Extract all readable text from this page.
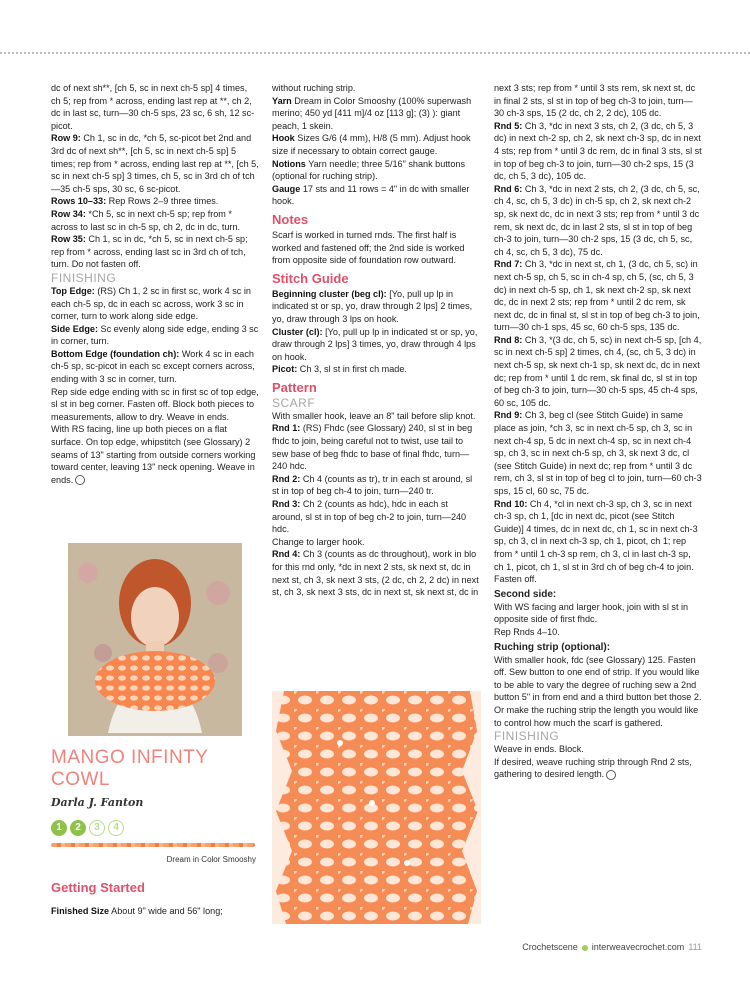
dc of next sh**, [ch 5, sc in next ch-5 sp] 4 times, ch 5; rep from * across, ending last rep at **, ch 2, dc in last sc, turn—30 ch-5 sps, 23 sc, 6 sh, 12 sc-picot.

Row 9: Ch 1, sc in dc, *ch 5, sc-picot bet 2nd and 3rd dc of next sh**, [ch 5, sc in next ch-5 sp] 5 times; rep from * across, ending last rep at **, [ch 5, sc in next ch-5 sp] 3 times, ch 5, sc in 3rd ch of tch—35 ch-5 sps, 30 sc, 6 sc-picot.

Rows 10–33: Rep Rows 2–9 three times.

Row 34: *Ch 5, sc in next ch-5 sp; rep from * across to last sc in ch-5 sp, ch 2, dc in dc, turn.

Row 35: Ch 1, sc in dc, *ch 5, sc in next ch-5 sp; rep from * across, ending last sc in 3rd ch of tch, turn. Do not fasten off.

FINISHING

Top Edge: (RS) Ch 1, 2 sc in first sc, work 4 sc in each ch-5 sp, dc in each sc across, work 3 sc in corner, turn to work along side edge.

Side Edge: Sc evenly along side edge, ending 3 sc in corner, turn.

Bottom Edge (foundation ch): Work 4 sc in each ch-5 sp, sc-picot in each sc except corners across, ending with 3 sc in corner, turn.

Rep side edge ending with sc in first sc of top edge, sl st in beg corner. Fasten off. Block both pieces to measurements, allow to dry. Weave in ends.

With RS facing, line up both pieces on a flat surface. On top edge, whipstitch (see Glossary) 2 seams of 13" starting from outside corners working toward center, leaving 13" neck opening. Weave in ends.

MANGO INFINTY
COWL
Darla J. Fanton
1 2 3 4
Dream in Color Smooshy
Getting Started

Finished Size About 9" wide and 56" long;

without ruching strip.

Yarn Dream in Color Smooshy (100% superwash merino; 450 yd [411 m]/4 oz [113 g]; (3) ): giant peach, 1 skein.

Hook Sizes G/6 (4 mm), H/8 (5 mm). Adjust hook size if necessary to obtain correct gauge.

Notions Yarn needle; three 5/16" shank buttons (optional for ruching strip).

Gauge 17 sts and 11 rows = 4" in dc with smaller hook.

Notes

Scarf is worked in turned rnds. The first half is worked and fastened off; the 2nd side is worked from opposite side of foundation row outward.

Stitch Guide

Beginning cluster (beg cl): [Yo, pull up lp in indicated st or sp, yo, draw through 2 lps] 2 times, yo, draw through 3 lps on hook.

Cluster (cl): [Yo, pull up lp in indicated st or sp, yo, draw through 2 lps] 3 times, yo, draw through 4 lps on hook.

Picot: Ch 3, sl st in first ch made.

Pattern
SCARF

With smaller hook, leave an 8" tail before slip knot.

Rnd 1: (RS) Fhdc (see Glossary) 240, sl st in beg fhdc to join, being careful not to twist, use tail to sew base of beg fhdc to base of final fhdc, turn—240 hdc.

Rnd 2: Ch 4 (counts as tr), tr in each st around, sl st in top of beg ch-4 to join, turn—240 tr.

Rnd 3: Ch 2 (counts as hdc), hdc in each st around, sl st in top of beg ch-2 to join, turn—240 hdc.

Change to larger hook.

Rnd 4: Ch 3 (counts as dc throughout), work in blo for this rnd only, *dc in next 2 sts, sk next st, dc in next st, ch 3, sk next 3 sts, (2 dc, ch 2, 2 dc) in next st, ch 3, sk next 3 sts, dc in next st, sk next st, dc in

next 3 sts; rep from * until 3 sts rem, sk next st, dc in final 2 sts, sl st in top of beg ch-3 to join, turn—30 ch-3 sps, 15 (2 dc, ch 2, 2 dc), 105 dc.

Rnd 5: Ch 3, *dc in next 3 sts, ch 2, (3 dc, ch 5, 3 dc) in next ch-2 sp, ch 2, sk next ch-3 sp, dc in next 4 sts; rep from * until 3 dc rem, dc in final 3 sts, sl st in top of beg ch-3 to join, turn—30 ch-2 sps, 15 (3 dc, ch 5, 3 dc), 105 dc.

Rnd 6: Ch 3, *dc in next 2 sts, ch 2, (3 dc, ch 5, sc, ch 4, sc, ch 5, 3 dc) in ch-5 sp, ch 2, sk next ch-2 sp, sk next dc, dc in next 3 sts; rep from * until 3 dc rem, sk next dc, dc in last 2 sts, sl st in top of beg ch-3 to join, turn—30 ch-2 sps, 15 (3 dc, ch 5, sc, ch 4, sc, ch 5, 3 dc), 75 dc.

Rnd 7: Ch 3, *dc in next st, ch 1, (3 dc, ch 5, sc) in next ch-5 sp, ch 5, sc in ch-4 sp, ch 5, (sc, ch 5, 3 dc) in next ch-5 sp, ch 1, sk next ch-2 sp, sk next dc, dc in next 2 sts; rep from * until 2 dc rem, sk next dc, dc in final st, sl st in top of beg ch-3 to join, turn—30 ch-1 sps, 45 sc, 60 ch-5 sps, 135 dc.

Rnd 8: Ch 3, *(3 dc, ch 5, sc) in next ch-5 sp, [ch 4, sc in next ch-5 sp] 2 times, ch 4, (sc, ch 5, 3 dc) in next ch-5 sp, sk next ch-1 sp, sk next dc, dc in next dc; rep from * until 1 dc rem, sk final dc, sl st in top of beg ch-3 to join, turn—30 ch-5 sps, 45 ch-4 sps, 60 sc, 105 dc.

Rnd 9: Ch 3, beg cl (see Stitch Guide) in same place as join, *ch 3, sc in next ch-5 sp, ch 3, sc in next ch-4 sp, 5 dc in next ch-4 sp, sc in next ch-4 sp, ch 3, sc in next ch-5 sp, ch 3, sk next 3 dc, cl (see Stitch Guide) in next dc; rep from * until 3 dc rem, ch 3, sl st in top of beg cl to join, turn—60 ch-3 sps, 15 cl, 60 sc, 75 dc.

Rnd 10: Ch 4, *cl in next ch-3 sp, ch 3, sc in next ch-3 sp, ch 1, [dc in next dc, picot (see Stitch Guide)] 4 times, dc in next dc, ch 1, sc in next ch-3 sp, ch 3, cl in next ch-3 sp, ch 1, picot, ch 1; rep from * until 1 ch-3 sp rem, ch 3, cl in last ch-3 sp, ch 1, picot, ch 1, sl st in 3rd ch of beg ch-4 to join. Fasten off.

Second side:

With WS facing and larger hook, join with sl st in opposite side of first fhdc.

Rep Rnds 4–10.

Ruching strip (optional):

With smaller hook, fdc (see Glossary) 125. Fasten off. Sew button to one end of strip. If you would like to be able to vary the degree of ruching sew a 2nd button 5" in from end and a third button bet those 2. Or make the ruching strip the length you would like to control how much the scarf is gathered.

FINISHING

Weave in ends. Block.

If desired, weave ruching strip through Rnd 2 sts, gathering to desired length.

Crochetscene interweavecrochet.com 111
